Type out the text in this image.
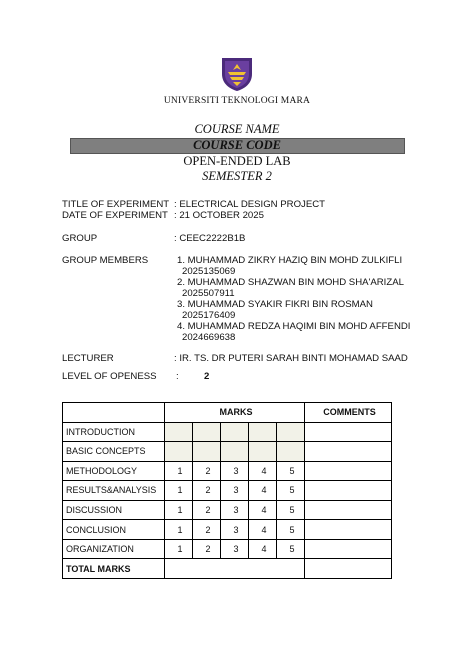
UNIVERSITI TEKNOLOGI MARA
COURSE NAME
COURSE CODE
OPEN-ENDED LAB
SEMESTER 2
TITLE OF EXPERIMENT : ELECTRICAL DESIGN PROJECT
DATE OF EXPERIMENT : 21 OCTOBER 2025
GROUP	: CEEC2222B1B
GROUP MEMBERS	1. MUHAMMAD ZIKRY HAZIQ BIN MOHD ZULKIFLI
2025135069
2. MUHAMMAD SHAZWAN BIN MOHD SHA'ARIZAL
2025507911
3. MUHAMMAD SYAKIR FIKRI BIN ROSMAN
2025176409
4. MUHAMMAD REDZA HAQIMI BIN MOHD AFFENDI
2024669638
LECTURER	: IR. TS. DR PUTERI SARAH BINTI MOHAMAD SAAD
LEVEL OF OPENESS :	2
	MARKS					COMMENTS
INTRODUCTION						
BASIC CONCEPTS						
METHODOLOGY	1	2	3	4	5	
RESULTS&ANALYSIS	1	2	3	4	5	
DISCUSSION	1	2	3	4	5	
CONCLUSION	1	2	3	4	5	
ORGANIZATION	1	2	3	4	5	
TOTAL MARKS						
